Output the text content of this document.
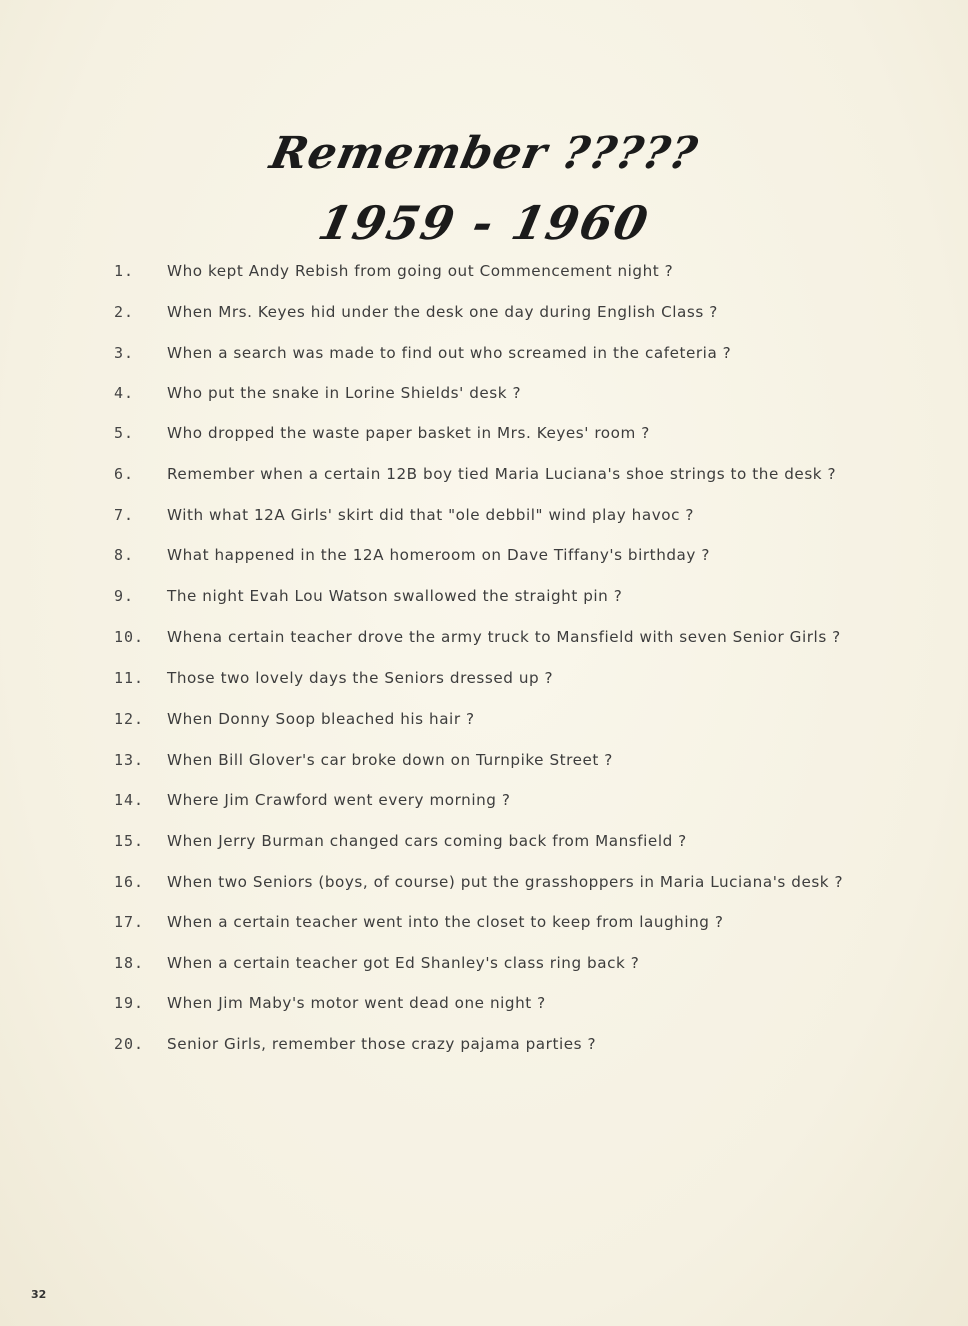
Remember ?????
1959 - 1960
1.	Who kept Andy Rebish from going out Commencement night ?
2.	When Mrs. Keyes hid under the desk one day during English Class ?
3.	When a search was made to find out who screamed in the cafeteria ?
4.	Who put the snake in Lorine Shields' desk ?
5.	Who dropped the waste paper basket in Mrs. Keyes' room ?
6.	Remember when a certain 12B boy tied Maria Luciana's shoe strings to the desk ?
7.	With what 12A Girls' skirt did that "ole debbil" wind play havoc ?
8.	What happened in the 12A homeroom on Dave Tiffany's birthday ?
9.	The night Evah Lou Watson swallowed the straight pin ?
10.	Whena certain teacher drove the army truck to Mansfield with seven Senior Girls ?
11.	Those two lovely days the Seniors dressed up ?
12.	When Donny Soop bleached his hair ?
13.	When Bill Glover's car broke down on Turnpike Street ?
14.	Where Jim Crawford went every morning ?
15.	When Jerry Burman changed cars coming back from Mansfield ?
16.	When two Seniors (boys, of course) put the grasshoppers in Maria Luciana's desk ?
17.	When a certain teacher went into the closet to keep from laughing ?
18.	When a certain teacher got Ed Shanley's class ring back ?
19.	When Jim Maby's motor went dead one night ?
20.	Senior Girls, remember those crazy pajama parties ?
32
